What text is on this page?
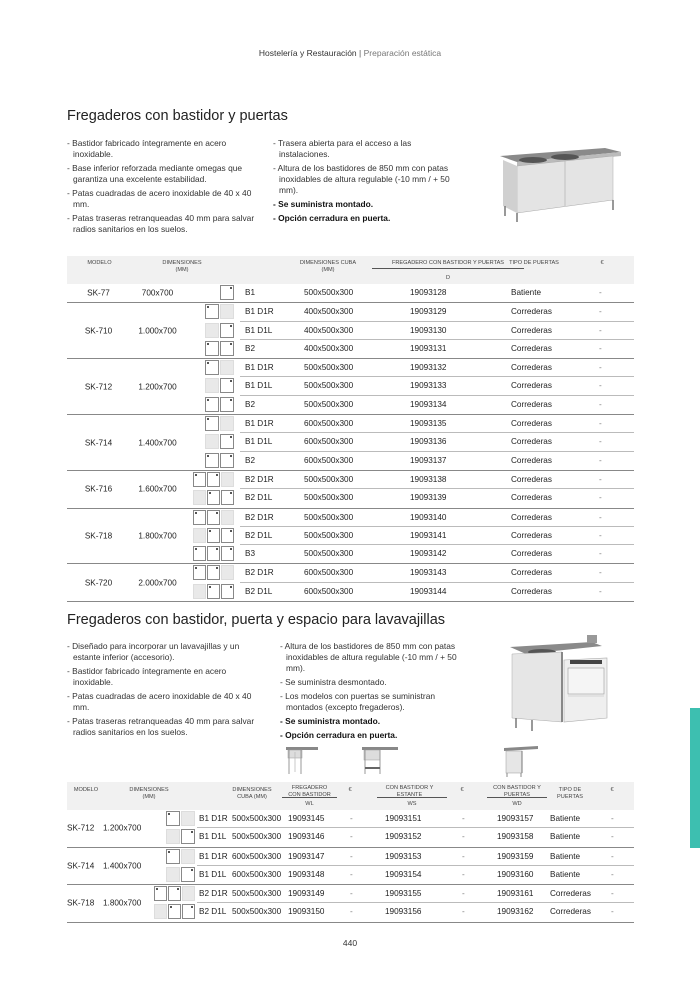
Hostelería y Restauración | Preparación estática
Fregaderos con bastidor y puertas
- Bastidor fabricado íntegramente en acero inoxidable.
- Base inferior reforzada mediante omegas que garantiza una excelente estabilidad.
- Patas cuadradas de acero inoxidable de 40 x 40 mm.
- Patas traseras retranqueadas 40 mm para salvar radios sanitarios en los suelos.
- Trasera abierta para el acceso a las instalaciones.
- Altura de los bastidores de 850 mm con patas inoxidables de altura regulable (-10 mm / + 50 mm).
- Se suministra montado.
- Opción cerradura en puerta.
MODELO	DIMENSIONES
(MM)
DIMENSIONES CUBA
(MM)
FREGADERO CON BASTIDOR Y PUERTAS
D
TIPO DE PUERTAS	€
SK-77	700x700	B1	500x500x300	19093128	Batiente	-
SK-710	1.000x700
B1 D1R	400x500x300	19093129	Correderas	-
B1 D1L	400x500x300	19093130	Correderas	-
B2	400x500x300	19093131	Correderas	-
SK-712	1.200x700
B1 D1R	500x500x300	19093132	Correderas	-
B1 D1L	500x500x300	19093133	Correderas	-
B2	500x500x300	19093134	Correderas	-
SK-714	1.400x700
B1 D1R	600x500x300	19093135	Correderas	-
B1 D1L	600x500x300	19093136	Correderas	-
B2	600x500x300	19093137	Correderas	-
SK-716	1.600x700
B2 D1R	500x500x300	19093138	Correderas	-
B2 D1L	500x500x300	19093139	Correderas	-
SK-718	1.800x700
B2 D1R	500x500x300	19093140	Correderas	-
B2 D1L	500x500x300	19093141	Correderas	-
B3	500x500x300	19093142	Correderas	-
SK-720	2.000x700
B2 D1R	600x500x300	19093143	Correderas	-
B2 D1L	600x500x300	19093144	Correderas	-
Fregaderos con bastidor, puerta y espacio para lavavajillas
- Diseñado para incorporar un lavavajillas y un estante inferior (accesorio).
- Bastidor fabricado íntegramente en acero inoxidable.
- Patas cuadradas de acero inoxidable de 40 x 40 mm.
- Patas traseras retranqueadas 40 mm para salvar radios sanitarios en los suelos.
- Altura de los bastidores de 850 mm con patas inoxidables de altura regulable (-10 mm / + 50 mm).
- Se suministra desmontado.
- Los modelos con puertas se suministran montados (excepto fregaderos).
- Se suministra montado.
- Opción cerradura en puerta.
MODELO	DIMENSIONES
(MM)
DIMENSIONES
CUBA (MM)
FREGADERO
CON BASTIDOR
WL
€	CON BASTIDOR Y
ESTANTE
WS
€	CON BASTIDOR Y
PUERTAS
WD
TIPO DE
PUERTAS
€
SK-712	1.200x700
B1 D1R 500x500x300 19093145	-	19093151	-	19093157 Batiente	-
B1 D1L 500x500x300 19093146	-	19093152	-	19093158 Batiente	-
SK-714	1.400x700
B1 D1R 600x500x300 19093147	-	19093153	-	19093159 Batiente	-
B1 D1L 600x500x300 19093148	-	19093154	-	19093160 Batiente	-
SK-718	1.800x700
B2 D1R 500x500x300 19093149	-	19093155	-	19093161 Correderas -
B2 D1L 500x500x300 19093150	-	19093156	-	19093162 Correderas -
440
